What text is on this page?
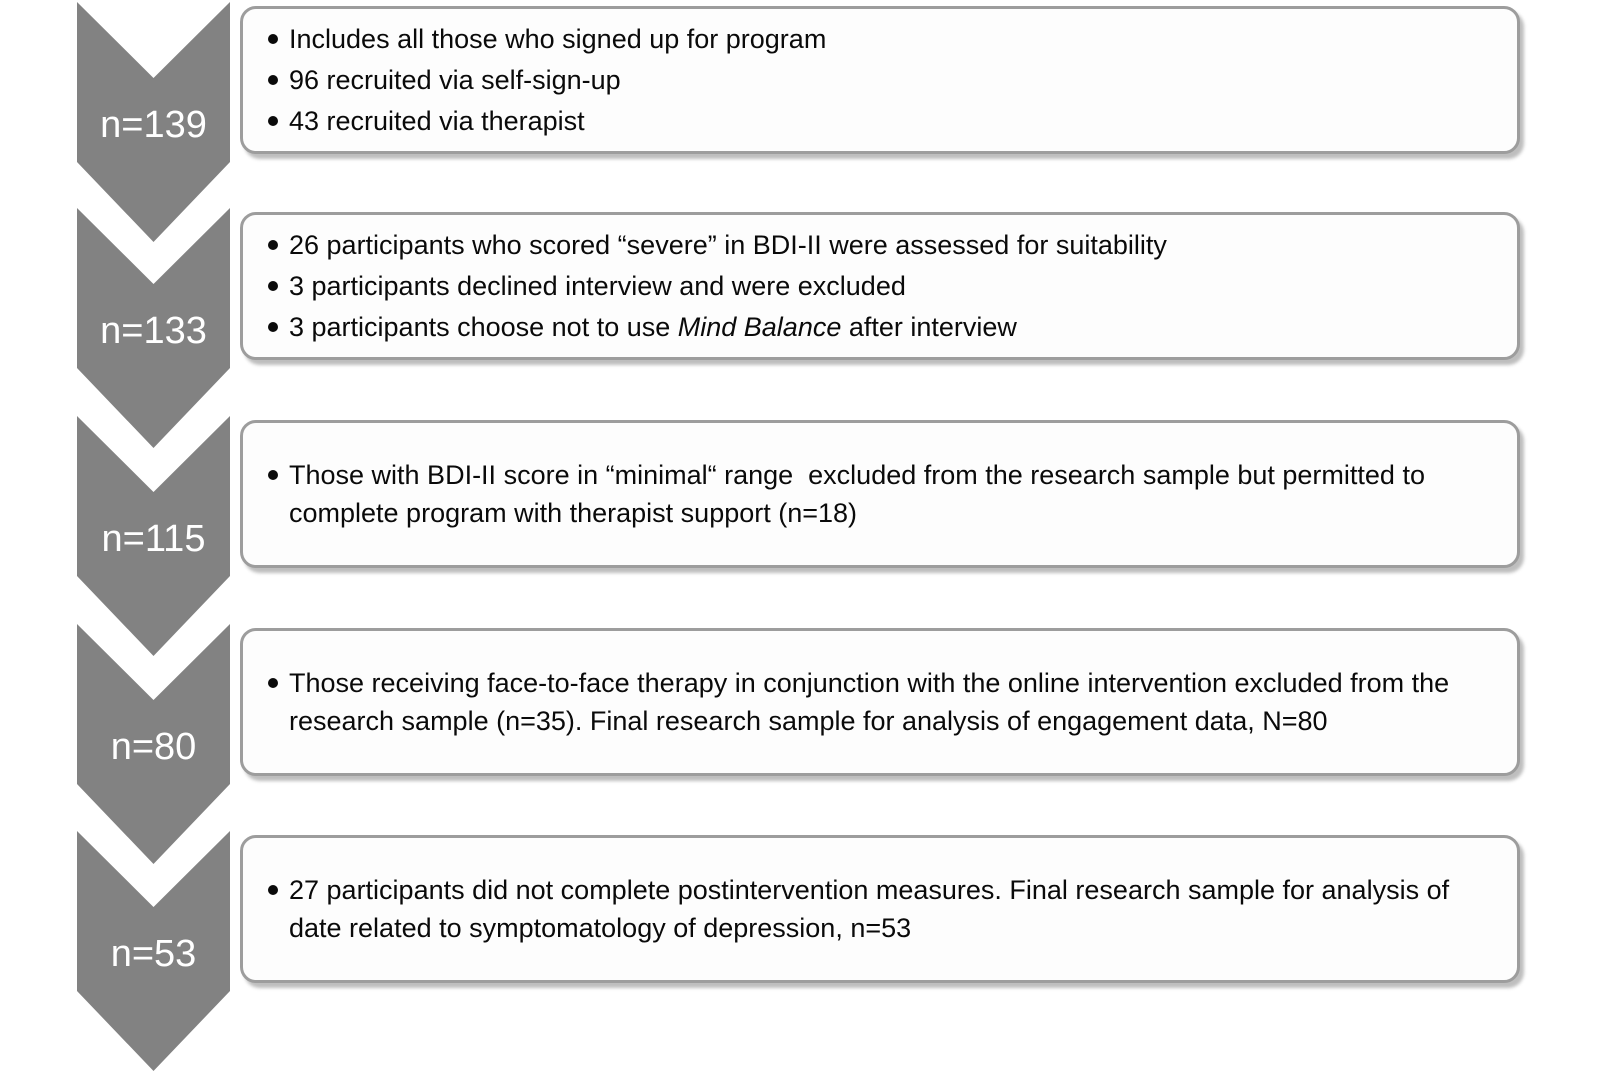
n=139
Includes all those who signed up for program
96 recruited via self-sign-up
43 recruited via therapist
n=133
26 participants who scored “severe” in BDI-II were assessed for suitability
3 participants declined interview and were excluded
3 participants choose not to use Mind Balance after interview
n=115
Those with BDI-II score in “minimal“ range  excluded from the research sample but permitted to complete program with therapist support (n=18)
n=80
Those receiving face-to-face therapy in conjunction with the online intervention excluded from the research sample (n=35). Final research sample for analysis of engagement data, N=80
n=53
27 participants did not complete postintervention measures. Final research sample for analysis of date related to symptomatology of depression, n=53
